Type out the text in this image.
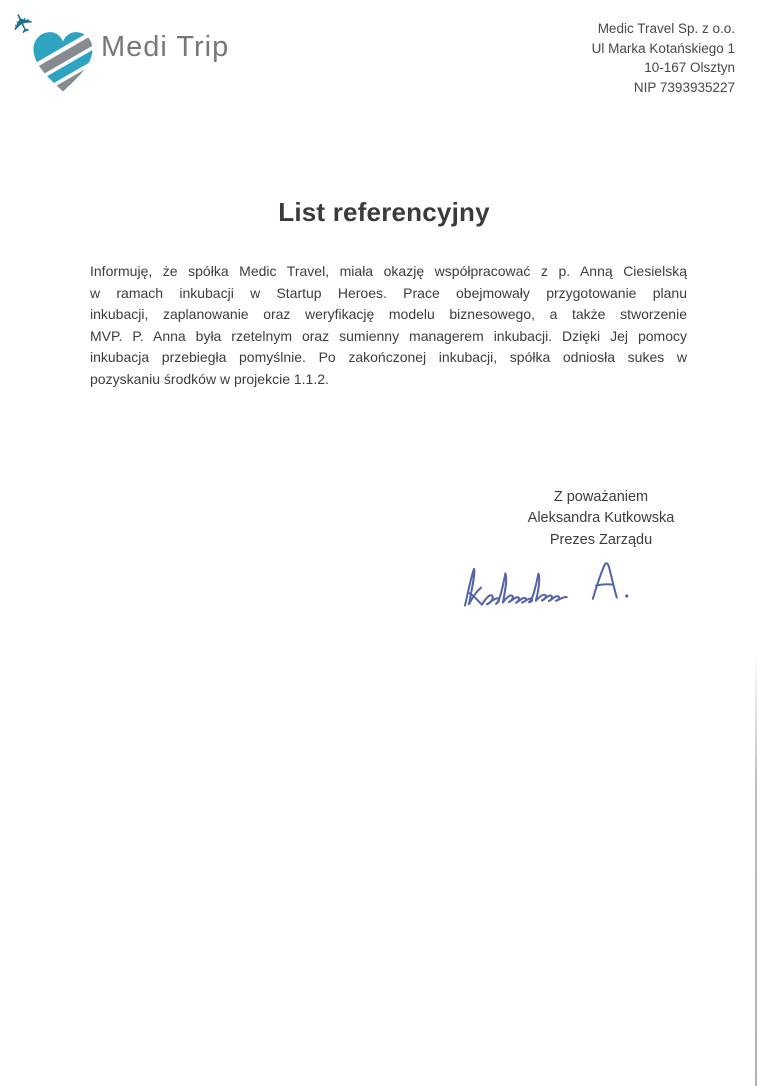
✈
Medi Trip
Medic Travel Sp. z o.o.
Ul Marka Kotańskiego 1
10-167 Olsztyn
NIP 7393935227
List referencyjny
Informuję, że spółka Medic Travel, miała okazję współpracować z p. Anną Ciesielską
w ramach inkubacji w Startup Heroes. Prace obejmowały przygotowanie planu
inkubacji, zaplanowanie oraz weryfikację modelu biznesowego, a także stworzenie
MVP. P. Anna była rzetelnym oraz sumienny managerem inkubacji. Dzięki Jej pomocy
inkubacja przebiegła pomyślnie. Po zakończonej inkubacji, spółka odniosła sukes w
pozyskaniu środków w projekcie 1.1.2.
Z poważaniem
Aleksandra Kutkowska
Prezes Zarządu
